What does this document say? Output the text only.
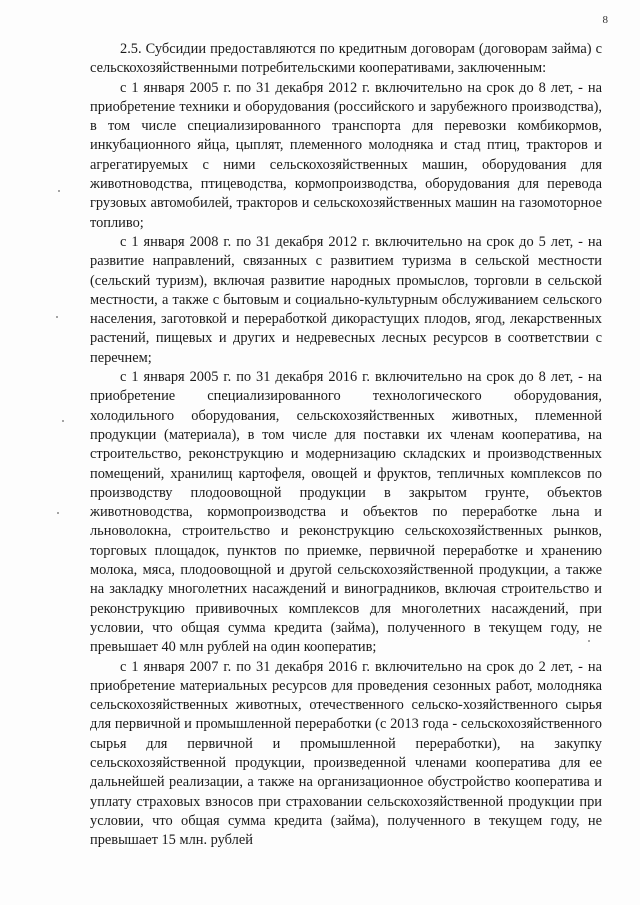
8

2.5. Субсидии предоставляются по кредитным договорам (договорам займа) с сельскохозяйственными потребительскими кооперативами, заключенным:

с 1 января 2005 г. по 31 декабря 2012 г. включительно на срок до 8 лет, - на приобретение техники и оборудования (российского и зарубежного производства), в том числе специализированного транспорта для перевозки комбикормов, инкубационного яйца, цыплят, племенного молодняка и стад птиц, тракторов и агрегатируемых с ними сельскохозяйственных машин, оборудования для животноводства, птицеводства, кормопроизводства, оборудования для перевода грузовых автомобилей, тракторов и сельскохозяйственных машин на газомоторное топливо;

с 1 января 2008 г. по 31 декабря 2012 г. включительно на срок до 5 лет, - на развитие направлений, связанных с развитием туризма в сельской местности (сельский туризм), включая развитие народных промыслов, торговли в сельской местности, а также с бытовым и социально-культурным обслуживанием сельского населения, заготовкой и переработкой дикорастущих плодов, ягод, лекарственных растений, пищевых и других и недревесных лесных ресурсов в соответствии с перечнем;

с 1 января 2005 г. по 31 декабря 2016 г. включительно на срок до 8 лет, - на приобретение специализированного технологического оборудования, холодильного оборудования, сельскохозяйственных животных, племенной продукции (материала), в том числе для поставки их членам кооператива, на строительство, реконструкцию и модернизацию складских и производственных помещений, хранилищ картофеля, овощей и фруктов, тепличных комплексов по производству плодоовощной продукции в закрытом грунте, объектов животноводства, кормопроизводства и объектов по переработке льна и льноволокна, строительство и реконструкцию сельскохозяйственных рынков, торговых площадок, пунктов по приемке, первичной переработке и хранению молока, мяса, плодоовощной и другой сельскохозяйственной продукции, а также на закладку многолетних насаждений и виноградников, включая строительство и реконструкцию прививочных комплексов для многолетних насаждений, при условии, что общая сумма кредита (займа), полученного в текущем году, не превышает 40 млн рублей на один кооператив;

с 1 января 2007 г. по 31 декабря 2016 г. включительно на срок до 2 лет, - на приобретение материальных ресурсов для проведения сезонных работ, молодняка сельскохозяйственных животных, отечественного сельско-хозяйственного сырья для первичной и промышленной переработки (с 2013 года - сельскохозяйственного сырья для первичной и промышленной переработки), на закупку сельскохозяйственной продукции, произведенной членами кооператива для ее дальнейшей реализации, а также на организационное обустройство кооператива и уплату страховых взносов при страховании сельскохозяйственной продукции при условии, что общая сумма кредита (займа), полученного в текущем году, не превышает 15 млн. рублей
